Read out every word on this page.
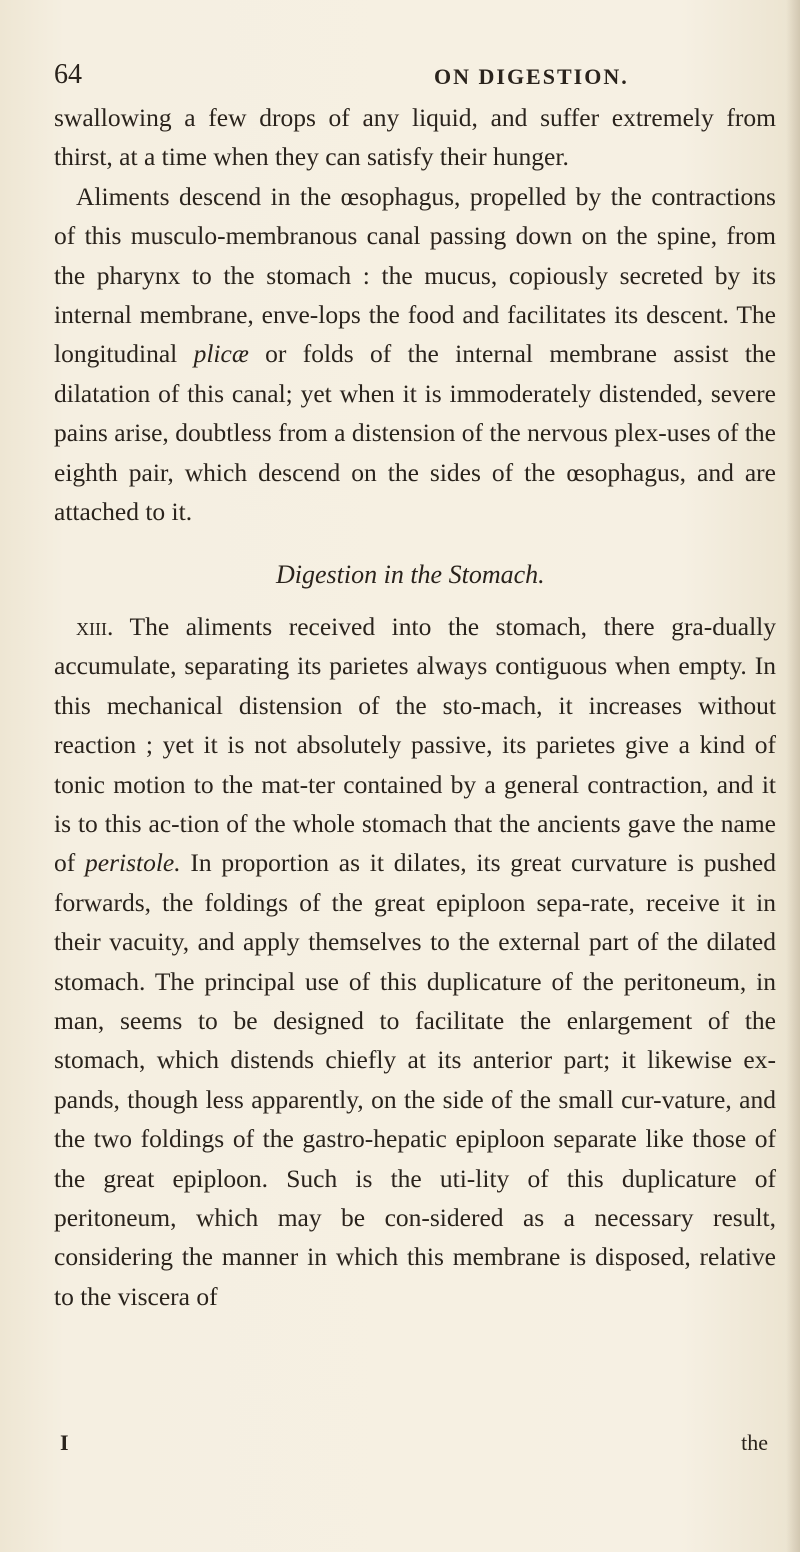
64	ON DIGESTION.

swallowing a few drops of any liquid, and suffer extremely from thirst, at a time when they can satisfy their hunger.

Aliments descend in the œsophagus, propelled by the contractions of this musculo-membranous canal passing down on the spine, from the pharynx to the stomach : the mucus, copiously secreted by its internal membrane, enve-lops the food and facilitates its descent. The longitudinal plicæ or folds of the internal membrane assist the dilatation of this canal; yet when it is immoderately distended, severe pains arise, doubtless from a distension of the nervous plex-uses of the eighth pair, which descend on the sides of the œsophagus, and are attached to it.

Digestion in the Stomach.

xiii. The aliments received into the stomach, there gra-dually accumulate, separating its parietes always contiguous when empty. In this mechanical distension of the sto-mach, it increases without reaction ; yet it is not absolutely passive, its parietes give a kind of tonic motion to the mat-ter contained by a general contraction, and it is to this ac-tion of the whole stomach that the ancients gave the name of peristole. In proportion as it dilates, its great curvature is pushed forwards, the foldings of the great epiploon sepa-rate, receive it in their vacuity, and apply themselves to the external part of the dilated stomach. The principal use of this duplicature of the peritoneum, in man, seems to be designed to facilitate the enlargement of the stomach, which distends chiefly at its anterior part; it likewise ex-pands, though less apparently, on the side of the small cur-vature, and the two foldings of the gastro-hepatic epiploon separate like those of the great epiploon. Such is the uti-lity of this duplicature of peritoneum, which may be con-sidered as a necessary result, considering the manner in which this membrane is disposed, relative to the viscera of

I	the
